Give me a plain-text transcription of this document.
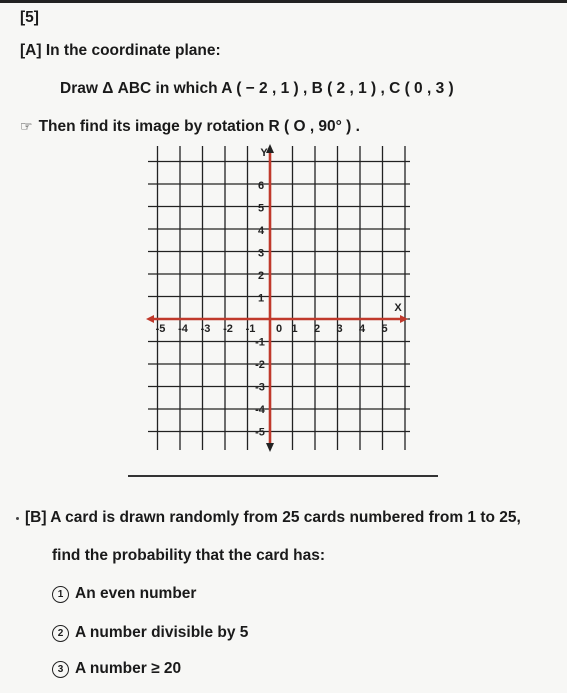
[5]
[A] In the coordinate plane:
Draw Δ ABC in which A ( − 2 , 1 ) , B ( 2 , 1 ) , C ( 0 , 3 )
☞ Then find its image by rotation R ( O , 90° ) .
-5 -4 -3 -2 -1	1 2 3 4 5
0
6
5
4
3
2
1
-1
-2
-3
-4
-5
X
Y
[B] A card is drawn randomly from 25 cards numbered from 1 to 25,
find the probability that the card has:
1 An even number
2 A number divisible by 5
3 A number ≥ 20
